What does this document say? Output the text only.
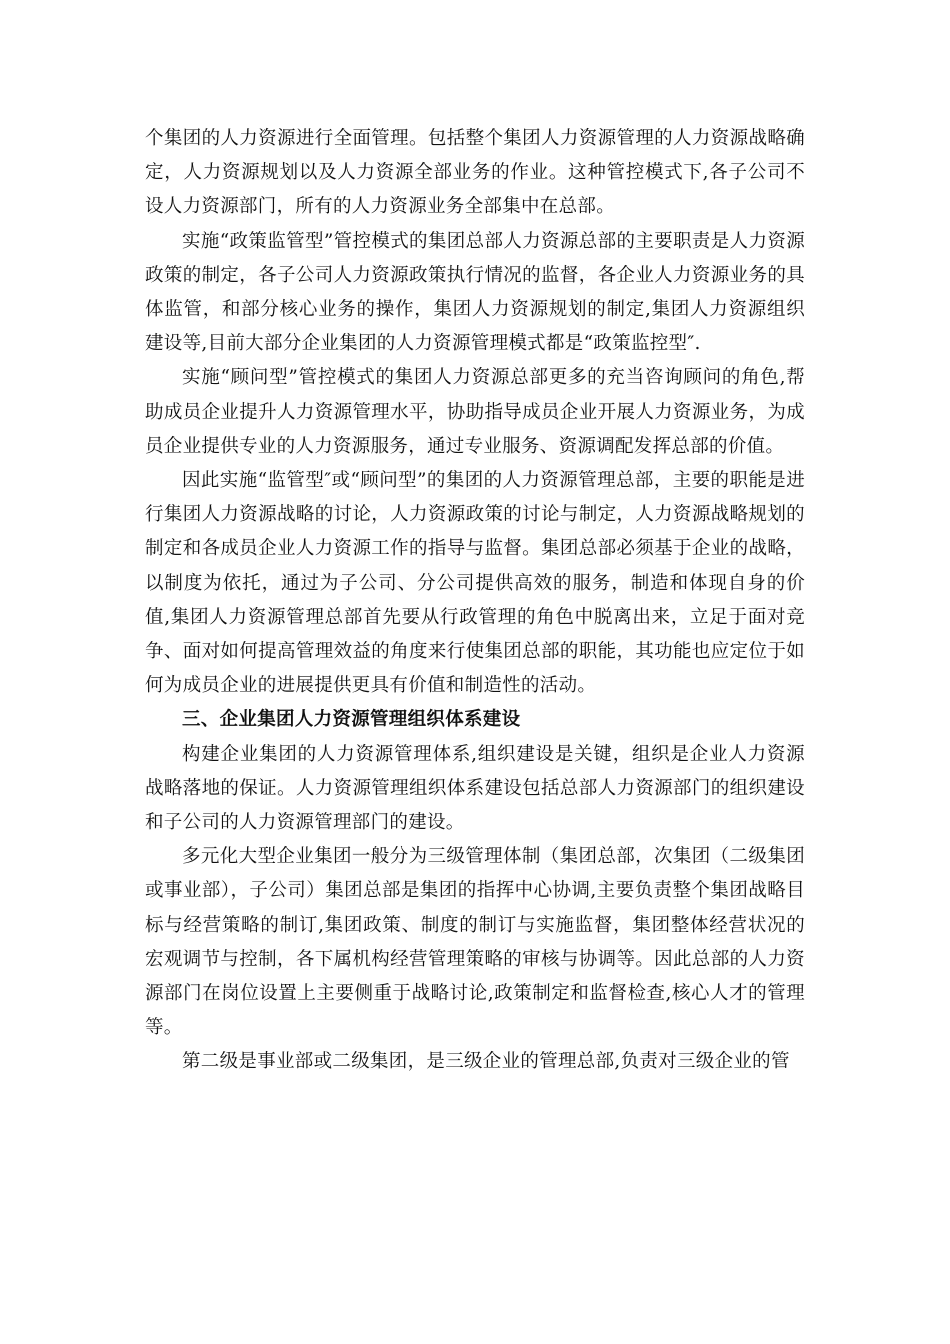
个集团的人力资源进行全面管理。包括整个集团人力资源管理的人力资源战略确定，人力资源规划以及人力资源全部业务的作业。这种管控模式下,各子公司不设人力资源部门，所有的人力资源业务全部集中在总部。

实施“政策监管型”管控模式的集团总部人力资源总部的主要职责是人力资源政策的制定，各子公司人力资源政策执行情况的监督，各企业人力资源业务的具体监管，和部分核心业务的操作，集团人力资源规划的制定,集团人力资源组织建设等,目前大部分企业集团的人力资源管理模式都是“政策监控型″.

实施“顾问型”管控模式的集团人力资源总部更多的充当咨询顾问的角色,帮助成员企业提升人力资源管理水平，协助指导成员企业开展人力资源业务，为成员企业提供专业的人力资源服务，通过专业服务、资源调配发挥总部的价值。

因此实施“监管型″或“顾问型”的集团的人力资源管理总部，主要的职能是进行集团人力资源战略的讨论，人力资源政策的讨论与制定，人力资源战略规划的制定和各成员企业人力资源工作的指导与监督。集团总部必须基于企业的战略，以制度为依托，通过为子公司、分公司提供高效的服务，制造和体现自身的价值,集团人力资源管理总部首先要从行政管理的角色中脱离出来，立足于面对竞争、面对如何提高管理效益的角度来行使集团总部的职能，其功能也应定位于如何为成员企业的进展提供更具有价值和制造性的活动。

三、企业集团人力资源管理组织体系建设

构建企业集团的人力资源管理体系,组织建设是关键，组织是企业人力资源战略落地的保证。人力资源管理组织体系建设包括总部人力资源部门的组织建设和子公司的人力资源管理部门的建设。

多元化大型企业集团一般分为三级管理体制（集团总部，次集团（二级集团或事业部），子公司）集团总部是集团的指挥中心协调,主要负责整个集团战略目标与经营策略的制订,集团政策、制度的制订与实施监督，集团整体经营状况的宏观调节与控制，各下属机构经营管理策略的审核与协调等。因此总部的人力资源部门在岗位设置上主要侧重于战略讨论,政策制定和监督检查,核心人才的管理等。

第二级是事业部或二级集团，是三级企业的管理总部,负责对三级企业的管
